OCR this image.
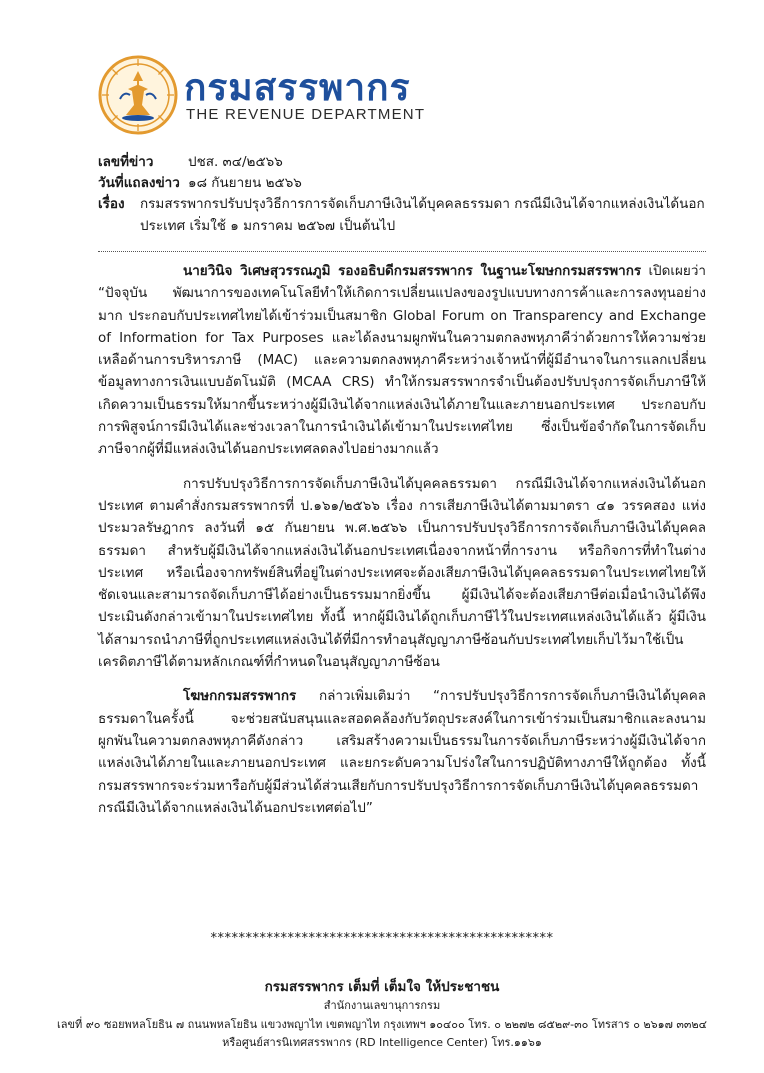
กรมสรรพากร
THE REVENUE DEPARTMENT
เลขที่ข่าว	ปชส. ๓๔/๒๕๖๖
วันที่แถลงข่าว ๑๘ กันยายน ๒๕๖๖
เรื่อง กรมสรรพากรปรับปรุงวิธีการการจัดเก็บภาษีเงินได้บุคคลธรรมดา กรณีมีเงินได้จากแหล่งเงินได้นอกประเทศ เริ่มใช้ ๑ มกราคม ๒๕๖๗ เป็นต้นไป

นายวินิจ วิเศษสุวรรณภูมิ รองอธิบดีกรมสรรพากร ในฐานะโฆษกกรมสรรพากร เปิดเผยว่า “ปัจจุบัน พัฒนาการของเทคโนโลยีทำให้เกิดการเปลี่ยนแปลงของรูปแบบทางการค้าและการลงทุนอย่างมาก ประกอบกับประเทศไทยได้เข้าร่วมเป็นสมาชิก Global Forum on Transparency and Exchange of Information for Tax Purposes และได้ลงนามผูกพันในความตกลงพหุภาคีว่าด้วยการให้ความช่วยเหลือด้านการบริหารภาษี (MAC) และความตกลงพหุภาคีระหว่างเจ้าหน้าที่ผู้มีอำนาจในการแลกเปลี่ยนข้อมูลทางการเงินแบบอัตโนมัติ (MCAA CRS) ทำให้กรมสรรพากรจำเป็นต้องปรับปรุงการจัดเก็บภาษีให้เกิดความเป็นธรรมให้มากขึ้นระหว่างผู้มีเงินได้จากแหล่งเงินได้ภายในและภายนอกประเทศ ประกอบกับการพิสูจน์การมีเงินได้และช่วงเวลาในการนำเงินได้เข้ามาในประเทศไทย ซึ่งเป็นข้อจำกัดในการจัดเก็บภาษีจากผู้ที่มีแหล่งเงินได้นอกประเทศลดลงไปอย่างมากแล้ว

การปรับปรุงวิธีการการจัดเก็บภาษีเงินได้บุคคลธรรมดา กรณีมีเงินได้จากแหล่งเงินได้นอกประเทศ ตามคำสั่งกรมสรรพากรที่ ป.๑๖๑/๒๕๖๖ เรื่อง การเสียภาษีเงินได้ตามมาตรา ๔๑ วรรคสอง แห่งประมวลรัษฎากร ลงวันที่ ๑๕ กันยายน พ.ศ.๒๕๖๖ เป็นการปรับปรุงวิธีการการจัดเก็บภาษีเงินได้บุคคลธรรมดา สำหรับผู้มีเงินได้จากแหล่งเงินได้นอกประเทศเนื่องจากหน้าที่การงาน หรือกิจการที่ทำในต่างประเทศ หรือเนื่องจากทรัพย์สินที่อยู่ในต่างประเทศจะต้องเสียภาษีเงินได้บุคคลธรรมดาในประเทศไทยให้ชัดเจนและสามารถจัดเก็บภาษีได้อย่างเป็นธรรมมากยิ่งขึ้น ผู้มีเงินได้จะต้องเสียภาษีต่อเมื่อนำเงินได้พึงประเมินดังกล่าวเข้ามาในประเทศไทย ทั้งนี้ หากผู้มีเงินได้ถูกเก็บภาษีไว้ในประเทศแหล่งเงินได้แล้ว ผู้มีเงินได้สามารถนำภาษีที่ถูกประเทศแหล่งเงินได้ที่มีการทำอนุสัญญาภาษีซ้อนกับประเทศไทยเก็บไว้มาใช้เป็นเครดิตภาษีได้ตามหลักเกณฑ์ที่กำหนดในอนุสัญญาภาษีซ้อน

โฆษกกรมสรรพากร กล่าวเพิ่มเติมว่า “การปรับปรุงวิธีการการจัดเก็บภาษีเงินได้บุคคลธรรมดาในครั้งนี้ จะช่วยสนับสนุนและสอดคล้องกับวัตถุประสงค์ในการเข้าร่วมเป็นสมาชิกและลงนามผูกพันในความตกลงพหุภาคีดังกล่าว เสริมสร้างความเป็นธรรมในการจัดเก็บภาษีระหว่างผู้มีเงินได้จากแหล่งเงินได้ภายในและภายนอกประเทศ และยกระดับความโปร่งใสในการปฏิบัติทางภาษีให้ถูกต้อง ทั้งนี้ กรมสรรพากรจะร่วมหารือกับผู้มีส่วนได้ส่วนเสียกับการปรับปรุงวิธีการการจัดเก็บภาษีเงินได้บุคคลธรรมดา กรณีมีเงินได้จากแหล่งเงินได้นอกประเทศต่อไป”

*************************************************
กรมสรรพากร เต็มที่ เต็มใจ ให้ประชาชน
สำนักงานเลขานุการกรม
เลขที่ ๙๐ ซอยพหลโยธิน ๗ ถนนพหลโยธิน แขวงพญาไท เขตพญาไท กรุงเทพฯ ๑๐๔๐๐ โทร. ๐ ๒๒๗๒ ๘๕๒๙-๓๐ โทรสาร ๐ ๒๖๑๗ ๓๓๒๔
หรือศูนย์สารนิเทศสรรพากร (RD Intelligence Center) โทร.๑๑๖๑
